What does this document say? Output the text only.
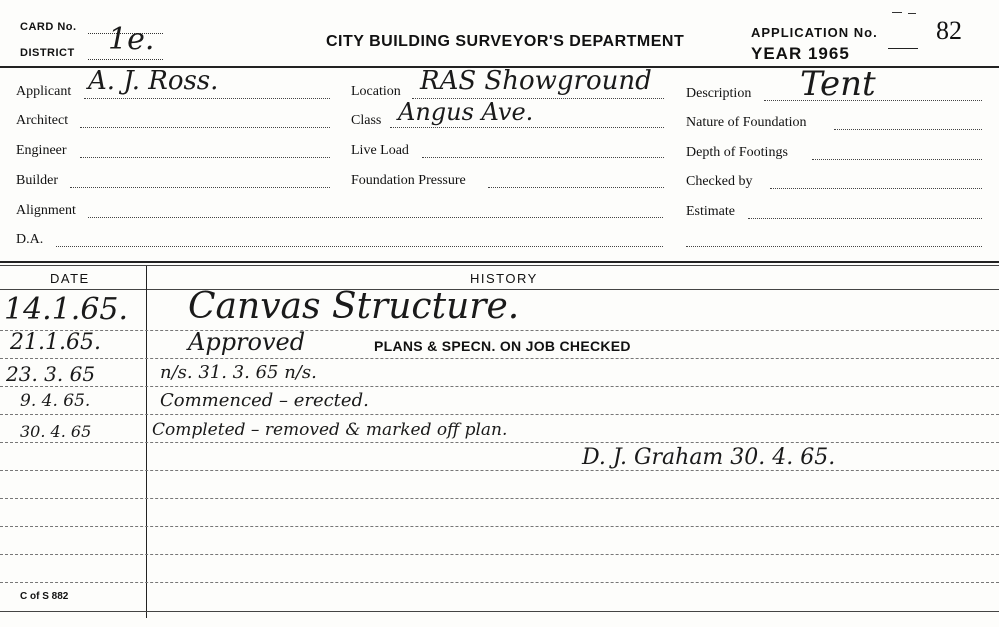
CARD No.
DISTRICT 1e.	CITY BUILDING SURVEYOR'S DEPARTMENT
APPLICATION No.
YEAR 1965
82
Applicant A. J. Ross.
Architect
Engineer
Builder
Alignment
D.A.
Location RAS Showground
Class Angus Ave.
Live Load
Foundation Pressure
Description Tent
Nature of Foundation
Depth of Footings
Checked by
Estimate
DATE	HISTORY
14.1.65. Canvas Structure.
21.1.65.	Approved	PLANS & SPECN. ON JOB CHECKED
23. 3. 65	n/s. 31. 3. 65 n/s.
9. 4. 65.	Commenced – erected.
30. 4. 65	Completed – removed & marked off plan.
D. J. Graham 30. 4. 65.
C of S 882
